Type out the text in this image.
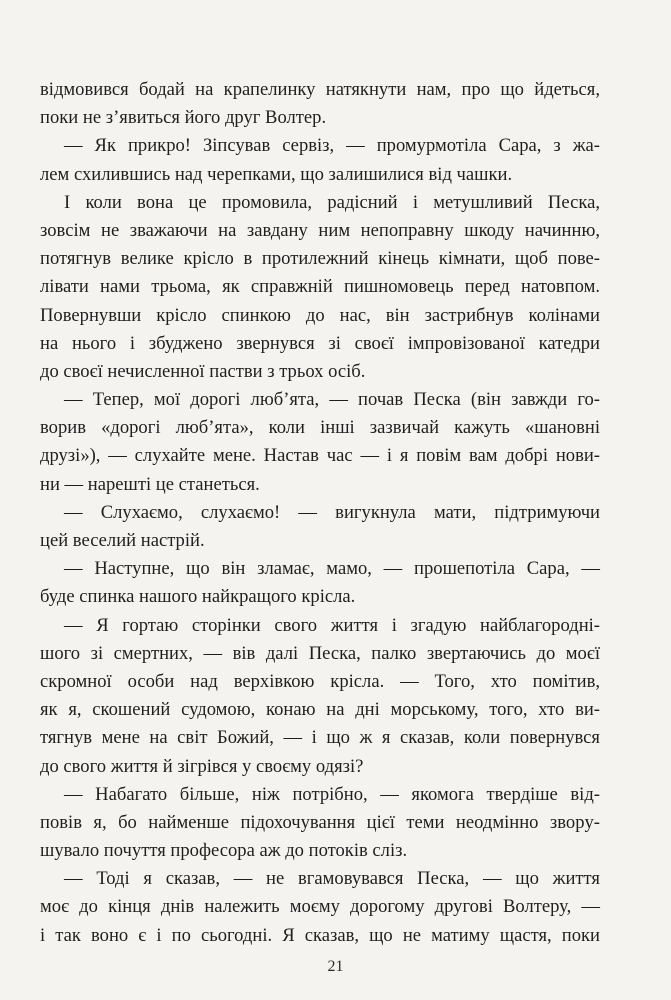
відмовився бодай на крапелинку натякнути нам, про що йдеться,
поки не з’явиться його друг Волтер.
— Як прикро! Зіпсував сервіз, — промурмотіла Сара, з жа-
лем схилившись над черепками, що залишилися від чашки.
І коли вона це промовила, радісний і метушливий Песка,
зовсім не зважаючи на завдану ним непоправну шкоду начинню,
потягнув велике крісло в протилежний кінець кімнати, щоб пове-
лівати нами трьома, як справжній пишномовець перед натовпом.
Повернувши крісло спинкою до нас, він застрибнув колінами
на нього і збуджено звернувся зі своєї імпровізованої катедри
до своєї нечисленної пастви з трьох осіб.
— Тепер, мої дорогі люб’ята, — почав Песка (він завжди го-
ворив «дорогі люб’ята», коли інші зазвичай кажуть «шановні
друзі»), — слухайте мене. Настав час — і я повім вам добрі нови-
ни — нарешті це станеться.
— Слухаємо, слухаємо! — вигукнула мати, підтримуючи
цей веселий настрій.
— Наступне, що він зламає, мамо, — прошепотіла Сара, —
буде спинка нашого найкращого крісла.
— Я гортаю сторінки свого життя і згадую найблагороднi-
шого зі смертних, — вів далі Песка, палко звертаючись до моєї
скромної особи над верхівкою крісла. — Того, хто помітив,
як я, скошений судомою, конаю на дні морському, того, хто ви-
тягнув мене на світ Божий, — і що ж я сказав, коли повернувся
до свого життя й зігрівся у своєму одязі?
— Набагато більше, ніж потрібно, — якомога твердіше від-
повів я, бо найменше підохочування цієї теми неодмінно зворy-
шувало почуття професора аж до потоків сліз.
— Тоді я сказав, — не вгамовувався Песка, — що життя
моє до кінця днів належить моєму дорогому другові Волтеру, —
і так воно є і по сьогодні. Я сказав, що не матиму щастя, поки
21
